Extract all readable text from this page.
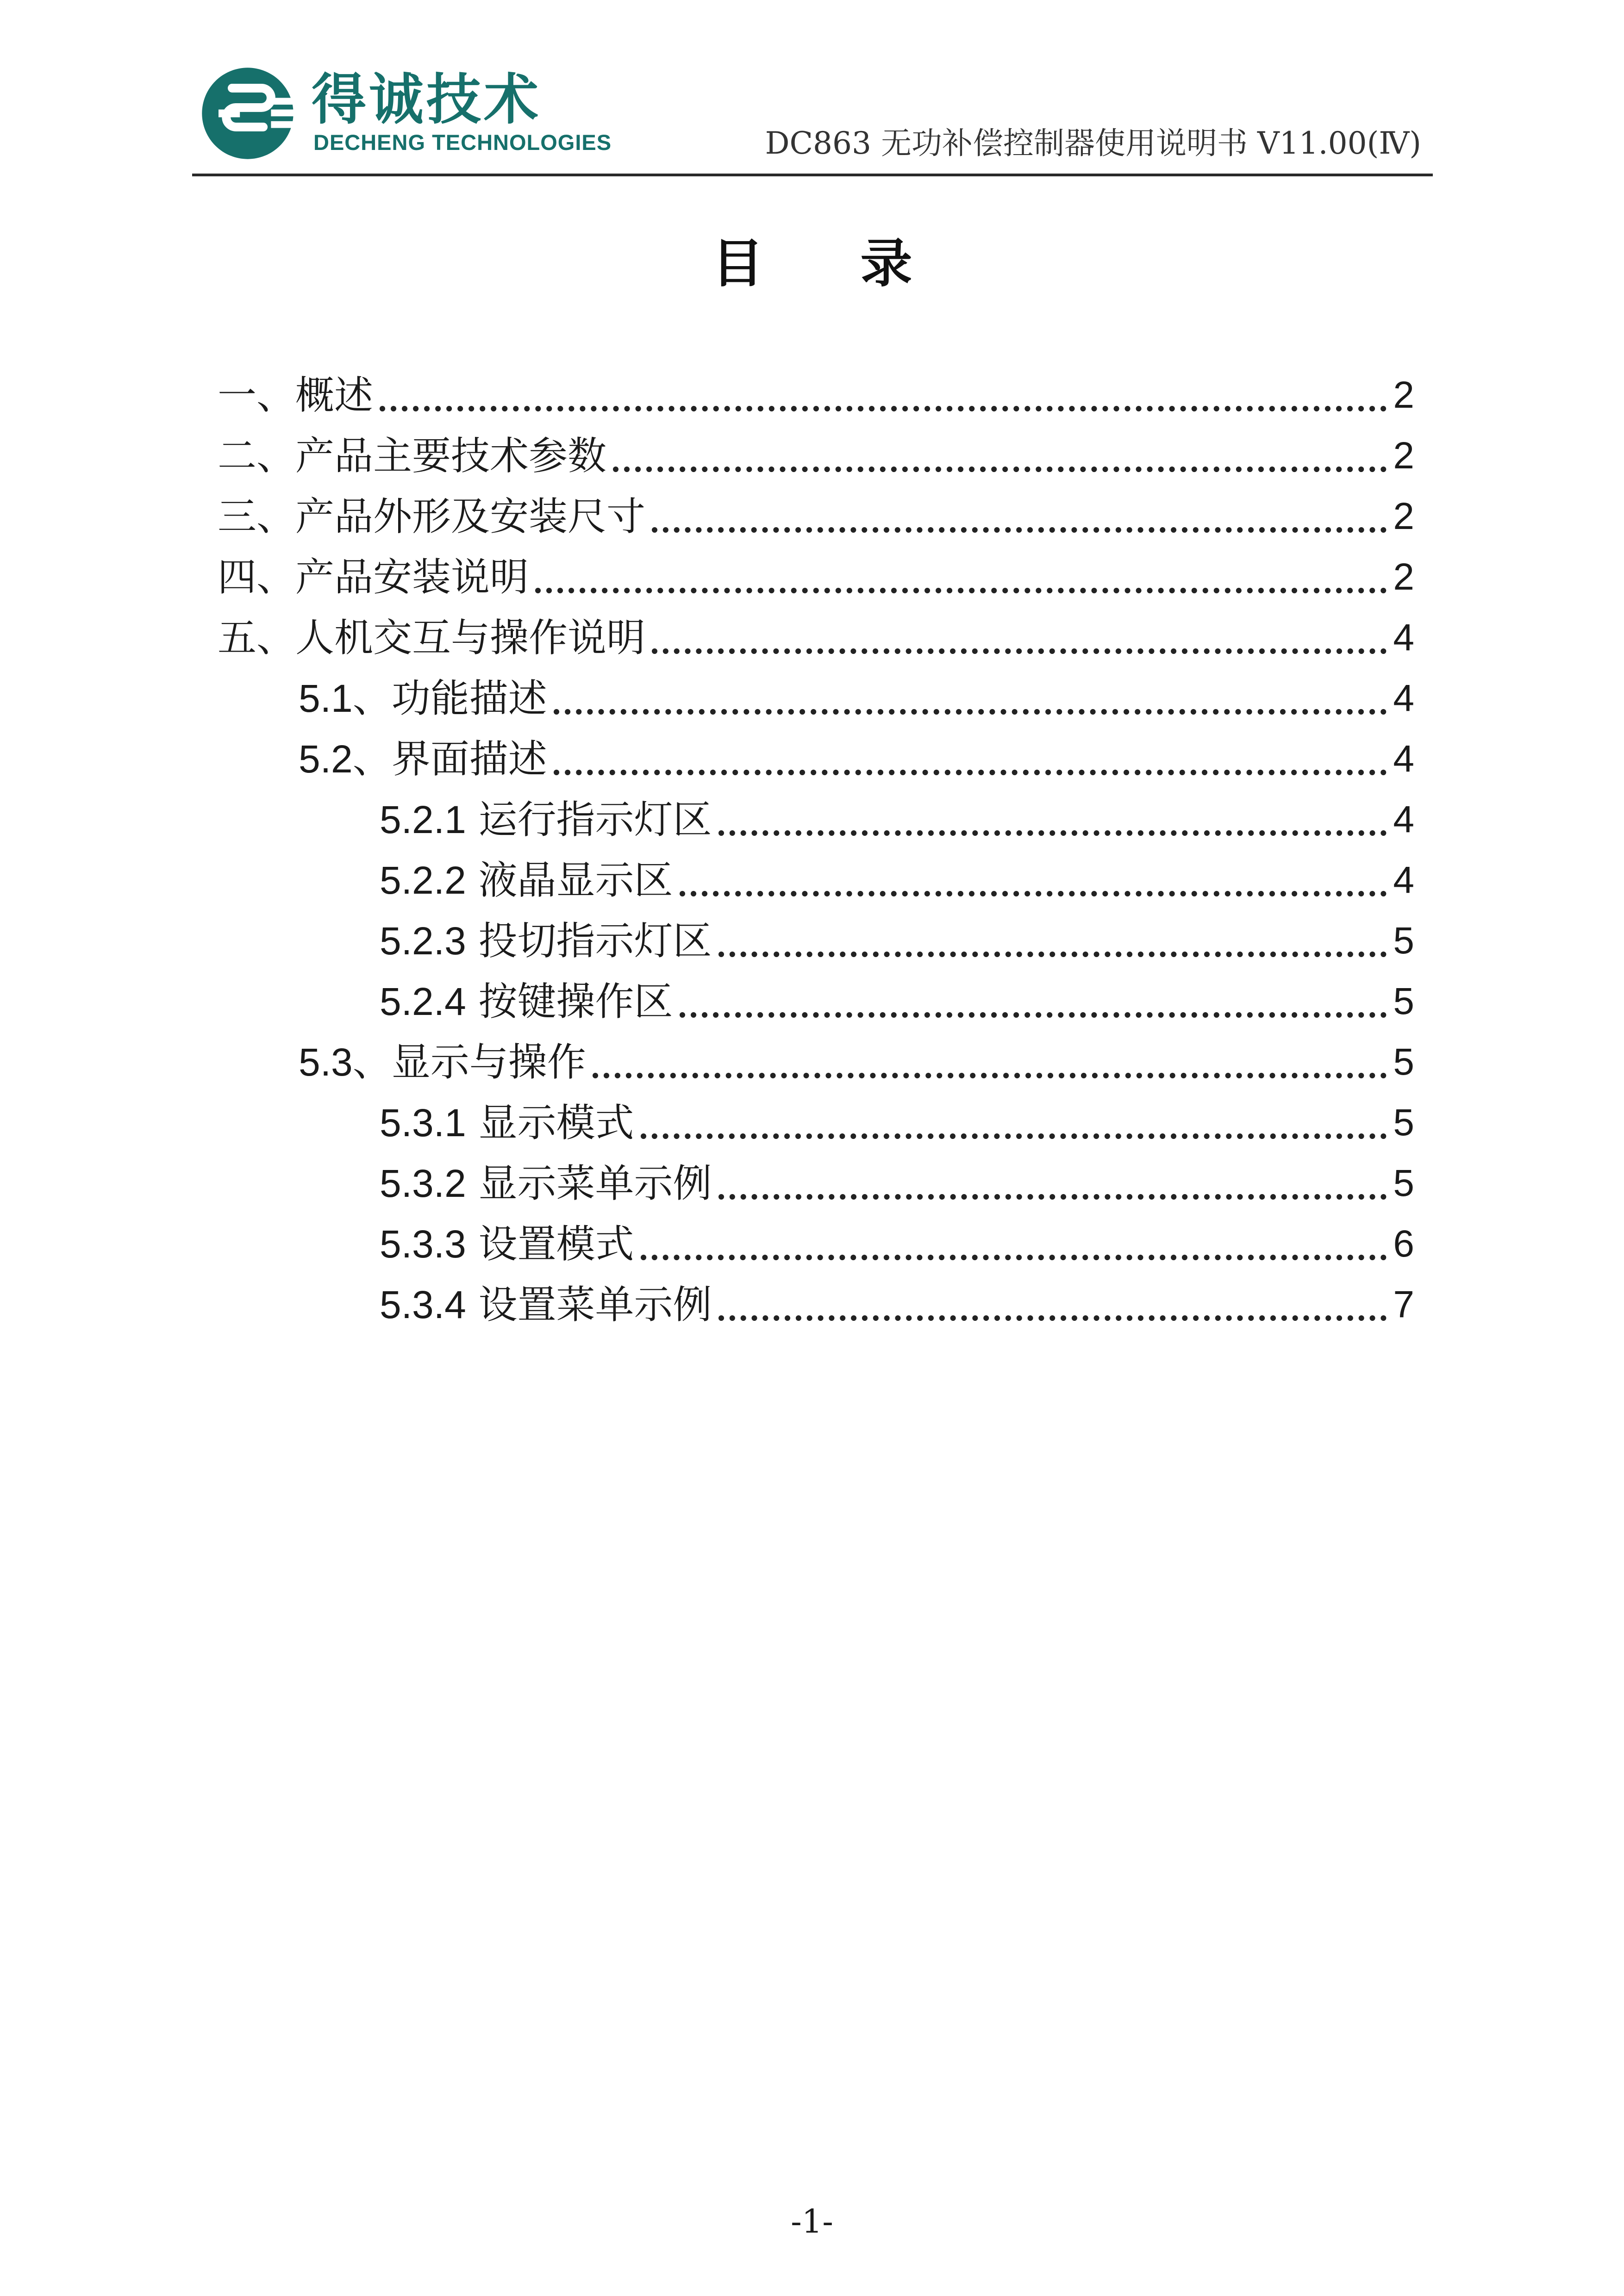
得诚技术
DECHENG TECHNOLOGIES	DC863 无功补偿控制器使用说明书 V11.00(Ⅳ)
目 录
一、概述	2
二、产品主要技术参数	2
三、产品外形及安装尺寸	2
四、产品安装说明	2
五、人机交互与操作说明	4
5.1、功能描述	4
5.2、界面描述	4
5.2.1 运行指示灯区	4
5.2.2 液晶显示区	4
5.2.3 投切指示灯区	5
5.2.4 按键操作区	5
5.3、显示与操作	5
5.3.1 显示模式	5
5.3.2 显示菜单示例	5
5.3.3 设置模式	6
5.3.4 设置菜单示例	7
-1-
